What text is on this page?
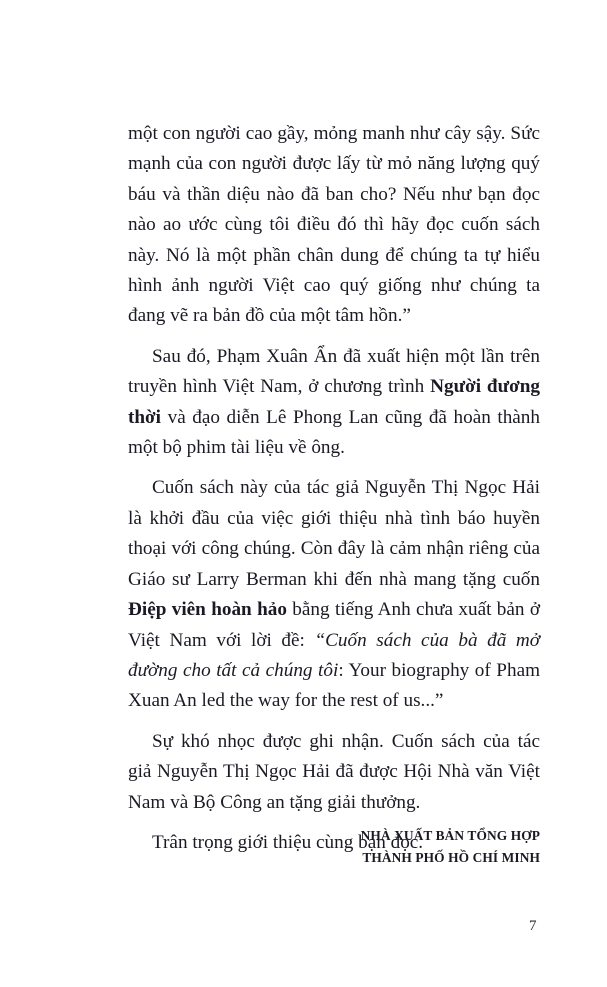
một con người cao gầy, mỏng manh như cây sậy. Sức mạnh của con người được lấy từ mỏ năng lượng quý báu và thần diệu nào đã ban cho? Nếu như bạn đọc nào ao ước cùng tôi điều đó thì hãy đọc cuốn sách này. Nó là một phần chân dung để chúng ta tự hiểu hình ảnh người Việt cao quý giống như chúng ta đang vẽ ra bản đồ của một tâm hồn.”

Sau đó, Phạm Xuân Ẩn đã xuất hiện một lần trên truyền hình Việt Nam, ở chương trình Người đương thời và đạo diễn Lê Phong Lan cũng đã hoàn thành một bộ phim tài liệu về ông.

Cuốn sách này của tác giả Nguyễn Thị Ngọc Hải là khởi đầu của việc giới thiệu nhà tình báo huyền thoại với công chúng. Còn đây là cảm nhận riêng của Giáo sư Larry Berman khi đến nhà mang tặng cuốn Điệp viên hoàn hảo bằng tiếng Anh chưa xuất bản ở Việt Nam với lời đề: “Cuốn sách của bà đã mở đường cho tất cả chúng tôi: Your biography of Pham Xuan An led the way for the rest of us...”

Sự khó nhọc được ghi nhận. Cuốn sách của tác giả Nguyễn Thị Ngọc Hải đã được Hội Nhà văn Việt Nam và Bộ Công an tặng giải thưởng.

Trân trọng giới thiệu cùng bạn đọc.

NHÀ XUẤT BẢN TỔNG HỢP
THÀNH PHỐ HỒ CHÍ MINH
7
